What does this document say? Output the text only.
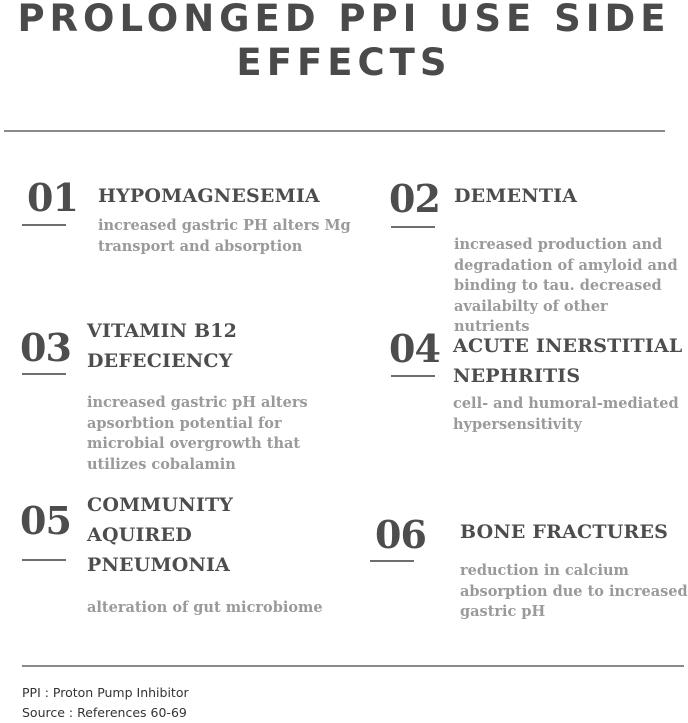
PROLONGED PPI USE SIDE
EFFECTS
01 HYPOMAGNESEMIA
increased gastric PH alters Mg
transport and absorption
02 DEMENTIA
increased production and
degradation of amyloid and
binding to tau. decreased
availabilty of other nutrients
03 VITAMIN B12
DEFECIENCY
increased gastric pH alters
apsorbtion potential for
microbial overgrowth that
utilizes cobalamin
04 ACUTE INERSTITIAL
NEPHRITIS
cell- and humoral-mediated
hypersensitivity
05 COMMUNITY
AQUIRED
PNEUMONIA
alteration of gut microbiome
06 BONE FRACTURES
reduction in calcium
absorption due to increased
gastric pH
PPI : Proton Pump Inhibitor
Source : References 60-69
